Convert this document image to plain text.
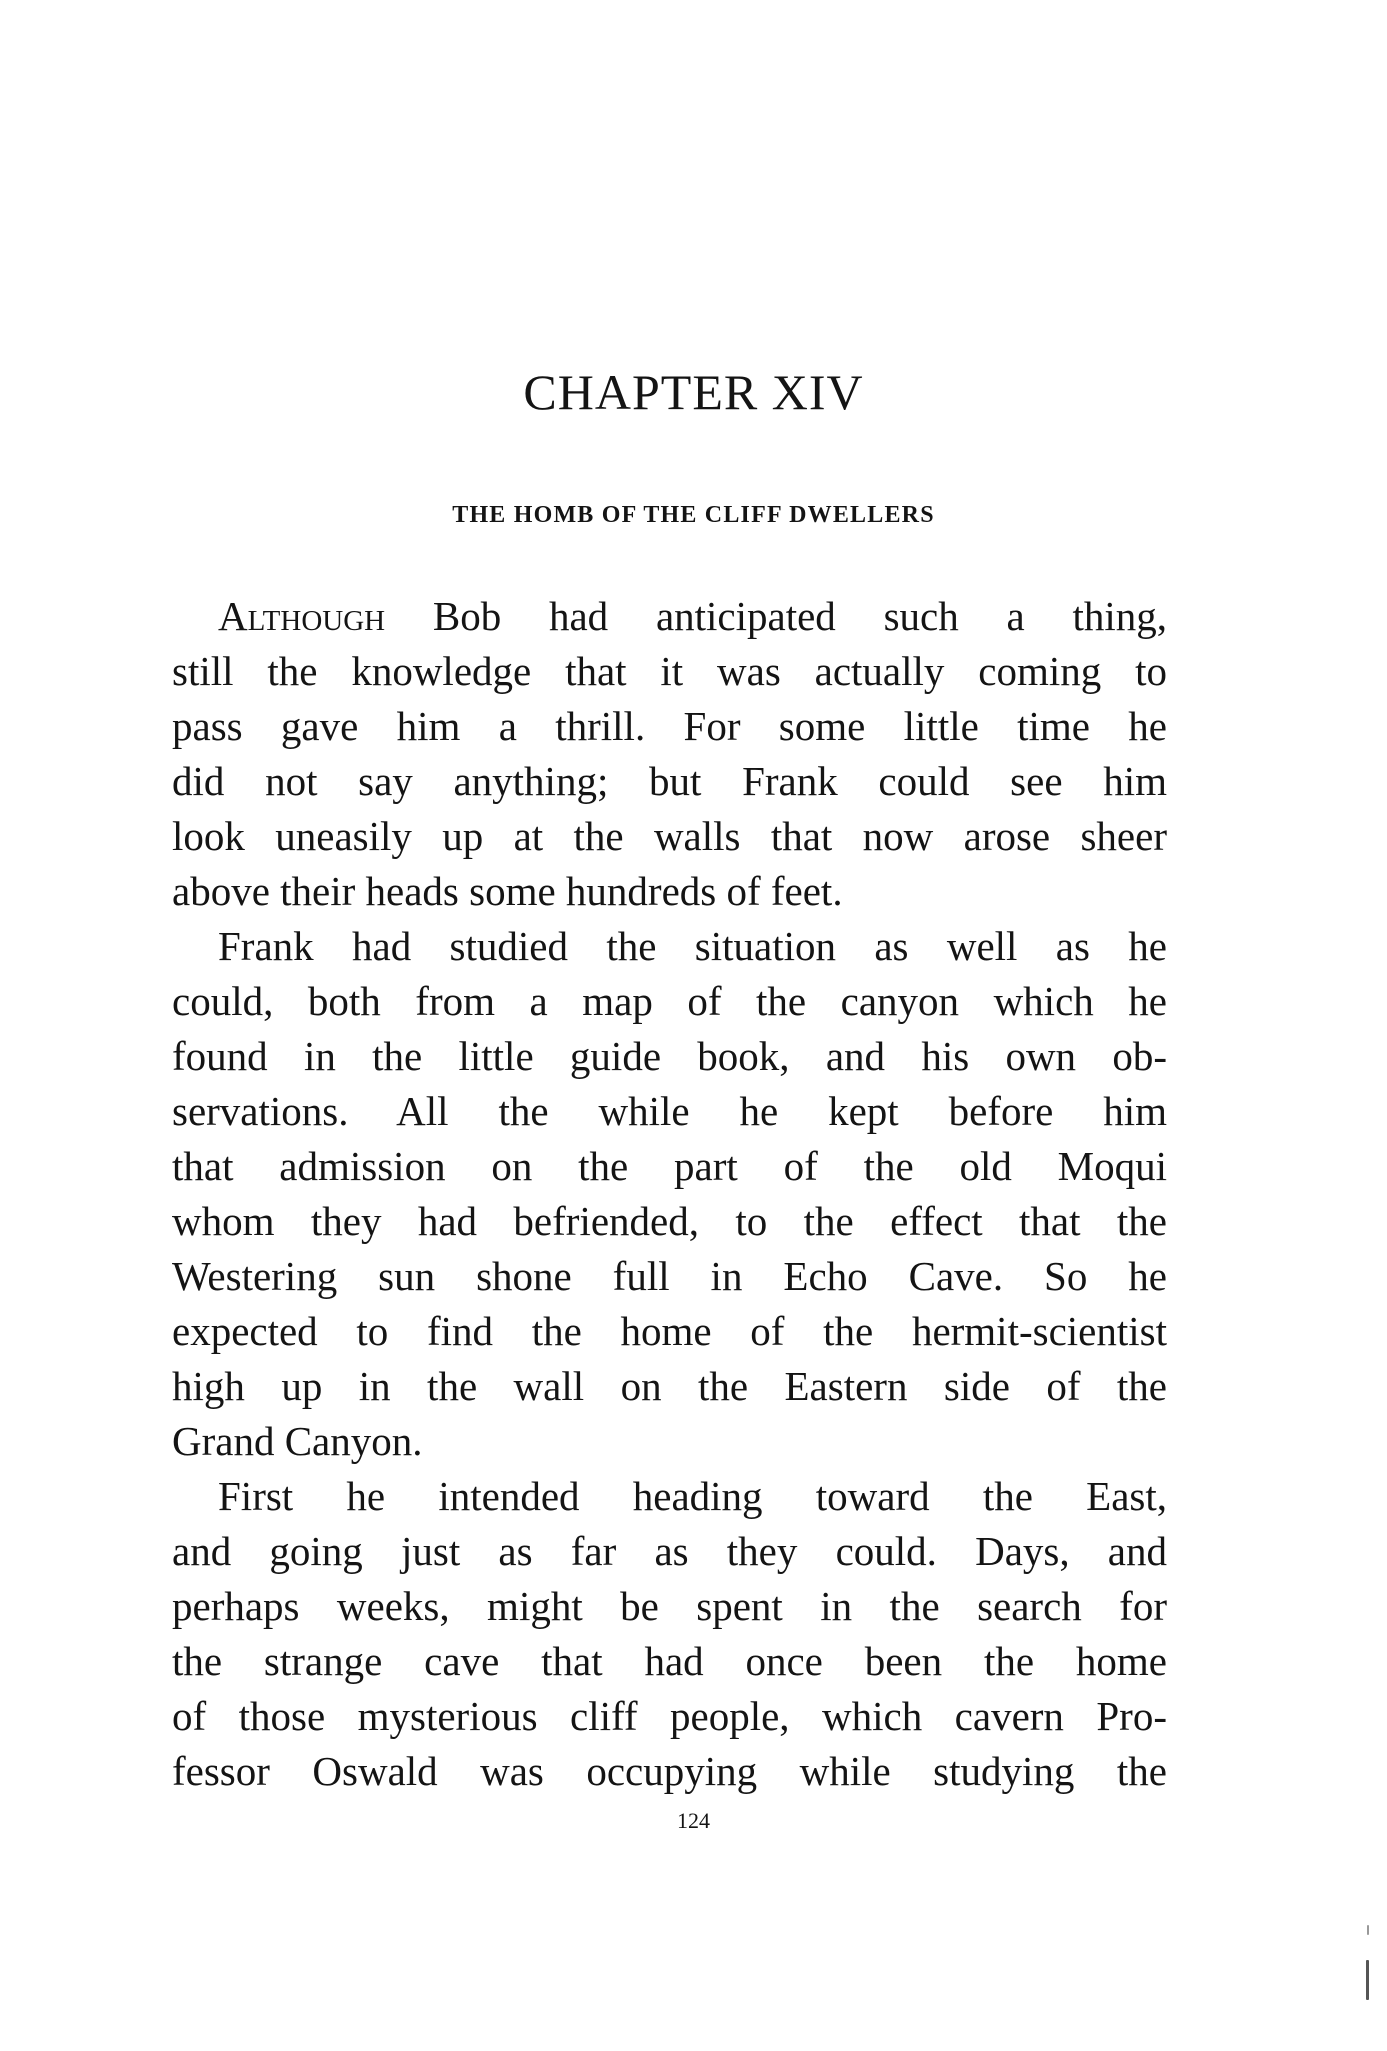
CHAPTER XIV
THE HOMB OF THE CLIFF DWELLERS

Although Bob had anticipated such a thing,

still the knowledge that it was actually coming to

pass gave him a thrill. For some little time he

did not say anything; but Frank could see him

look uneasily up at the walls that now arose sheer

above their heads some hundreds of feet.

Frank had studied the situation as well as he

could, both from a map of the canyon which he

found in the little guide book, and his own ob-

servations. All the while he kept before him

that admission on the part of the old Moqui

whom they had befriended, to the effect that the

Westering sun shone full in Echo Cave. So he

expected to find the home of the hermit-scientist

high up in the wall on the Eastern side of the

Grand Canyon.

First he intended heading toward the East,

and going just as far as they could. Days, and

perhaps weeks, might be spent in the search for

the strange cave that had once been the home

of those mysterious cliff people, which cavern Pro-

fessor Oswald was occupying while studying the

124
